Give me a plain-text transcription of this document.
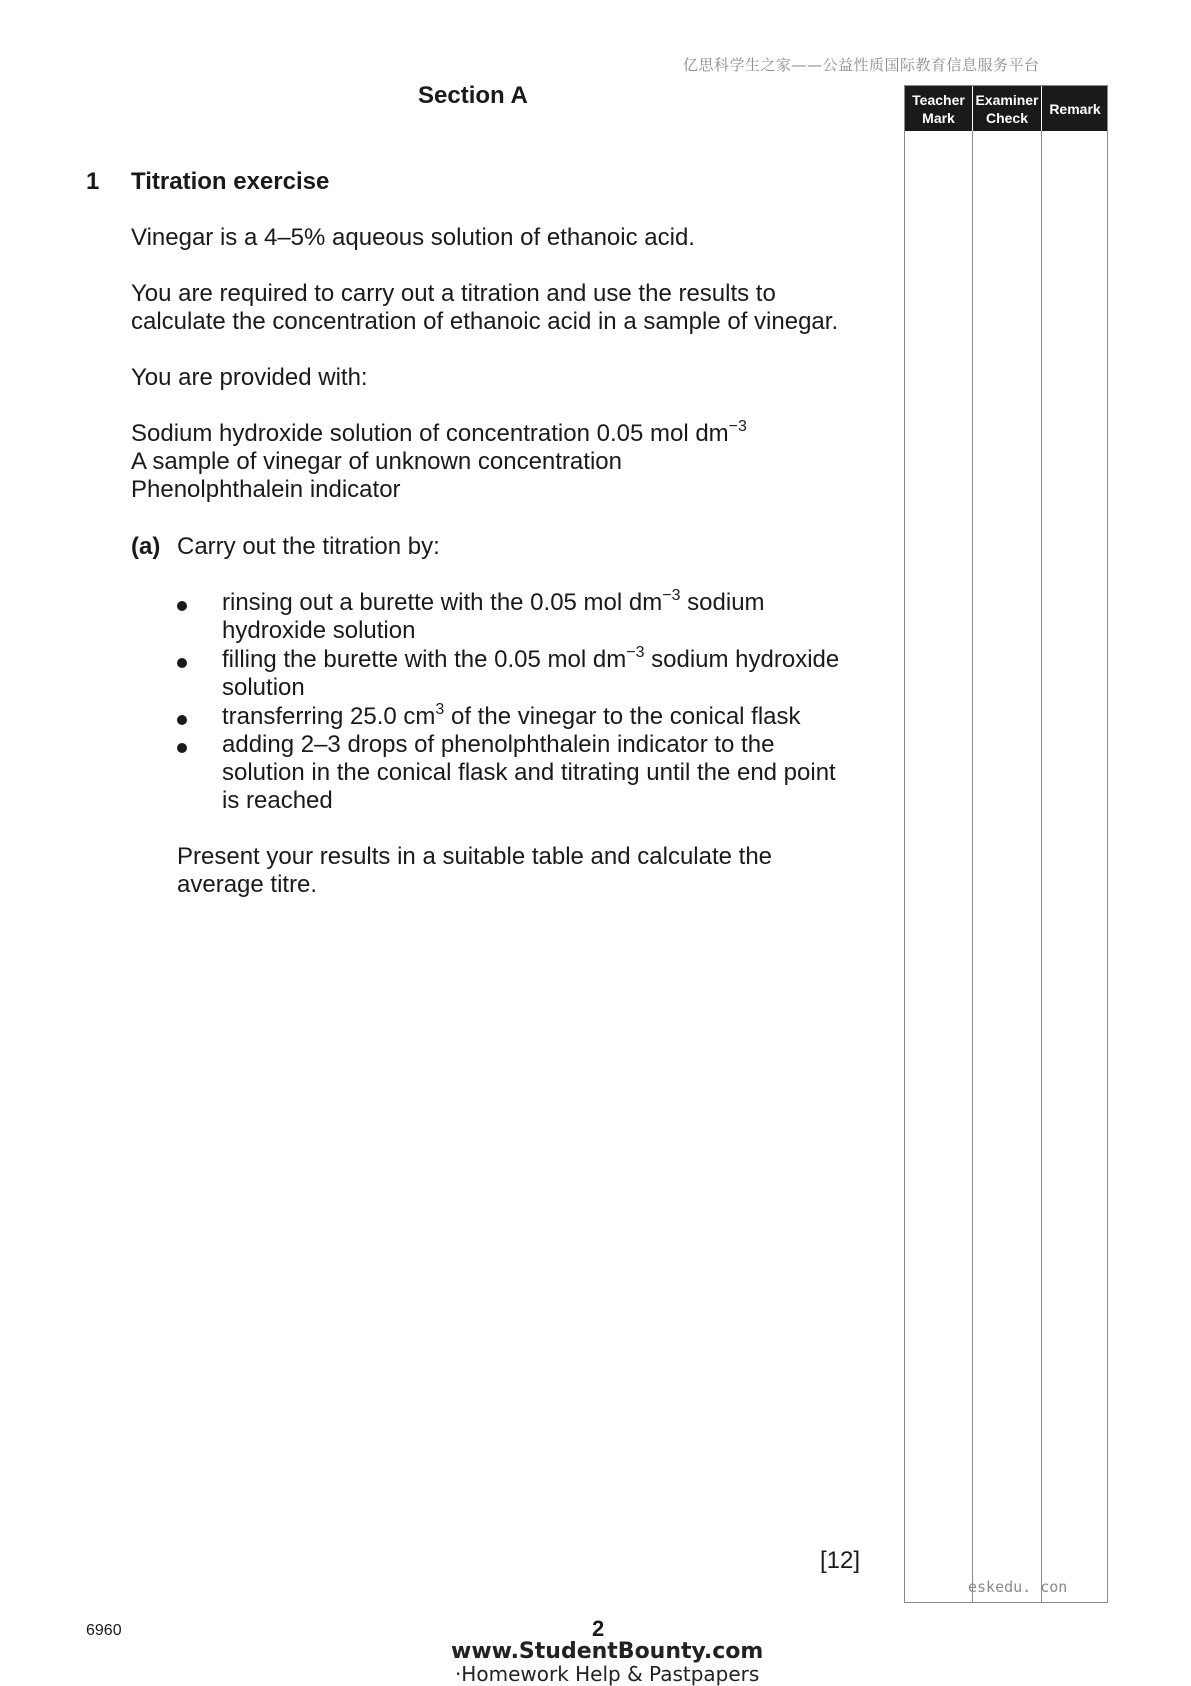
亿思科学生之家——公益性质国际教育信息服务平台
Section A
1 Titration exercise
Vinegar is a 4–5% aqueous solution of ethanoic acid.
You are required to carry out a titration and use the results to
calculate the concentration of ethanoic acid in a sample of vinegar.
You are provided with:
Sodium hydroxide solution of concentration 0.05 mol $dm^{-3}$
A sample of vinegar of unknown concentration
Phenolphthalein indicator
(a) Carry out the titration by:
rinsing out a burette with the 0.05 mol $dm^{-3}$ sodium
hydroxide solution
filling the burette with the 0.05 mol $dm^{-3}$ sodium hydroxide
solution
transferring 25.0 $cm^3$ of the vinegar to the conical flask
adding 2–3 drops of phenolphthalein indicator to the
solution in the conical flask and titrating until the end point
is reached
Present your results in a suitable table and calculate the
average titre.
[12]
Teacher Mark
Examiner Check
Remark
eskedu. con
6960	2
www.StudentBounty.com
·Homework Help & Pastpapers
